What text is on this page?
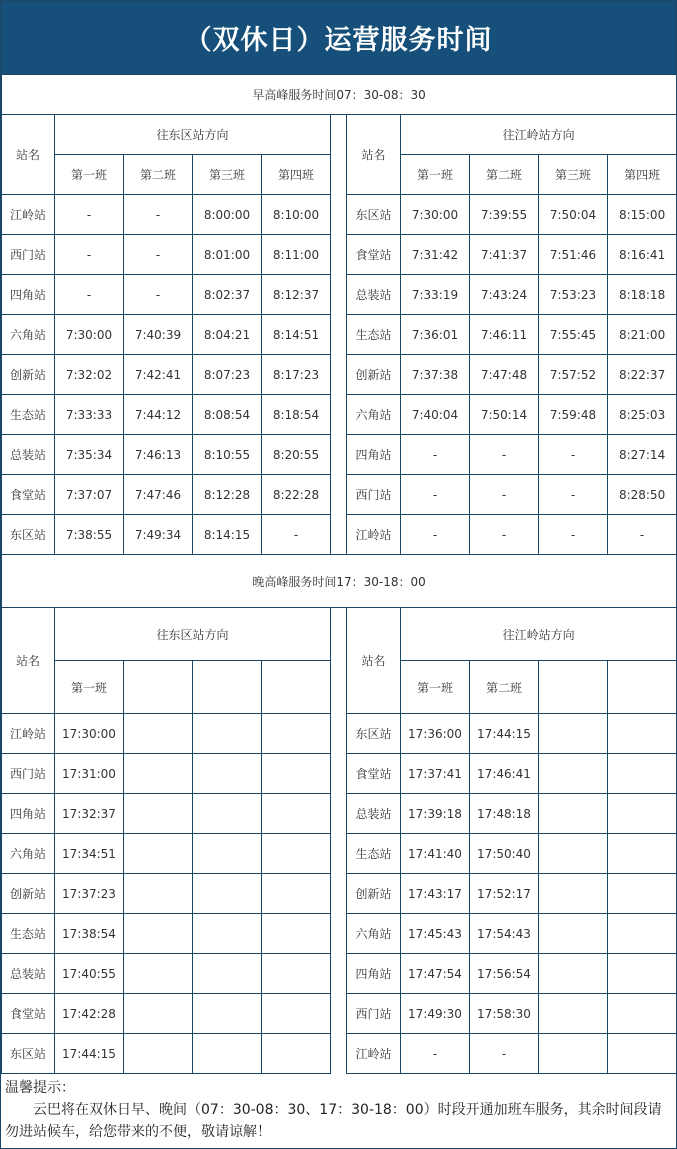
（双休日）运营服务时间
早高峰服务时间07：30-08：30										
站名	往东区站方向					站名	往江岭站方向			
	第一班	第二班	第三班	第四班			第一班	第二班	第三班	第四班
江岭站	-	-	8:00:00	8:10:00		东区站	7:30:00	7:39:55	7:50:04	8:15:00
西门站	-	-	8:01:00	8:11:00		食堂站	7:31:42	7:41:37	7:51:46	8:16:41
四角站	-	-	8:02:37	8:12:37		总装站	7:33:19	7:43:24	7:53:23	8:18:18
六角站	7:30:00	7:40:39	8:04:21	8:14:51		生态站	7:36:01	7:46:11	7:55:45	8:21:00
创新站	7:32:02	7:42:41	8:07:23	8:17:23		创新站	7:37:38	7:47:48	7:57:52	8:22:37
生态站	7:33:33	7:44:12	8:08:54	8:18:54		六角站	7:40:04	7:50:14	7:59:48	8:25:03
总装站	7:35:34	7:46:13	8:10:55	8:20:55		四角站	-	-	-	8:27:14
食堂站	7:37:07	7:47:46	8:12:28	8:22:28		西门站	-	-	-	8:28:50
东区站	7:38:55	7:49:34	8:14:15	-		江岭站	-	-	-	-
晚高峰服务时间17：30-18：00										
站名	往东区站方向					站名	往江岭站方向			
	第一班						第一班	第二班		
江岭站	17:30:00					东区站	17:36:00	17:44:15		
西门站	17:31:00					食堂站	17:37:41	17:46:41		
四角站	17:32:37					总装站	17:39:18	17:48:18		
六角站	17:34:51					生态站	17:41:40	17:50:40		
创新站	17:37:23					创新站	17:43:17	17:52:17		
生态站	17:38:54					六角站	17:45:43	17:54:43		
总装站	17:40:55					四角站	17:47:54	17:56:54		
食堂站	17:42:28					西门站	17:49:30	17:58:30		
东区站	17:44:15					江岭站	-	-		
温馨提示：
云巴将在双休日早、晚间（07：30-08：30、17：30-18：00）时段开通加班车服务，其余时间段请勿进站候车，给您带来的不便，敬请谅解！
